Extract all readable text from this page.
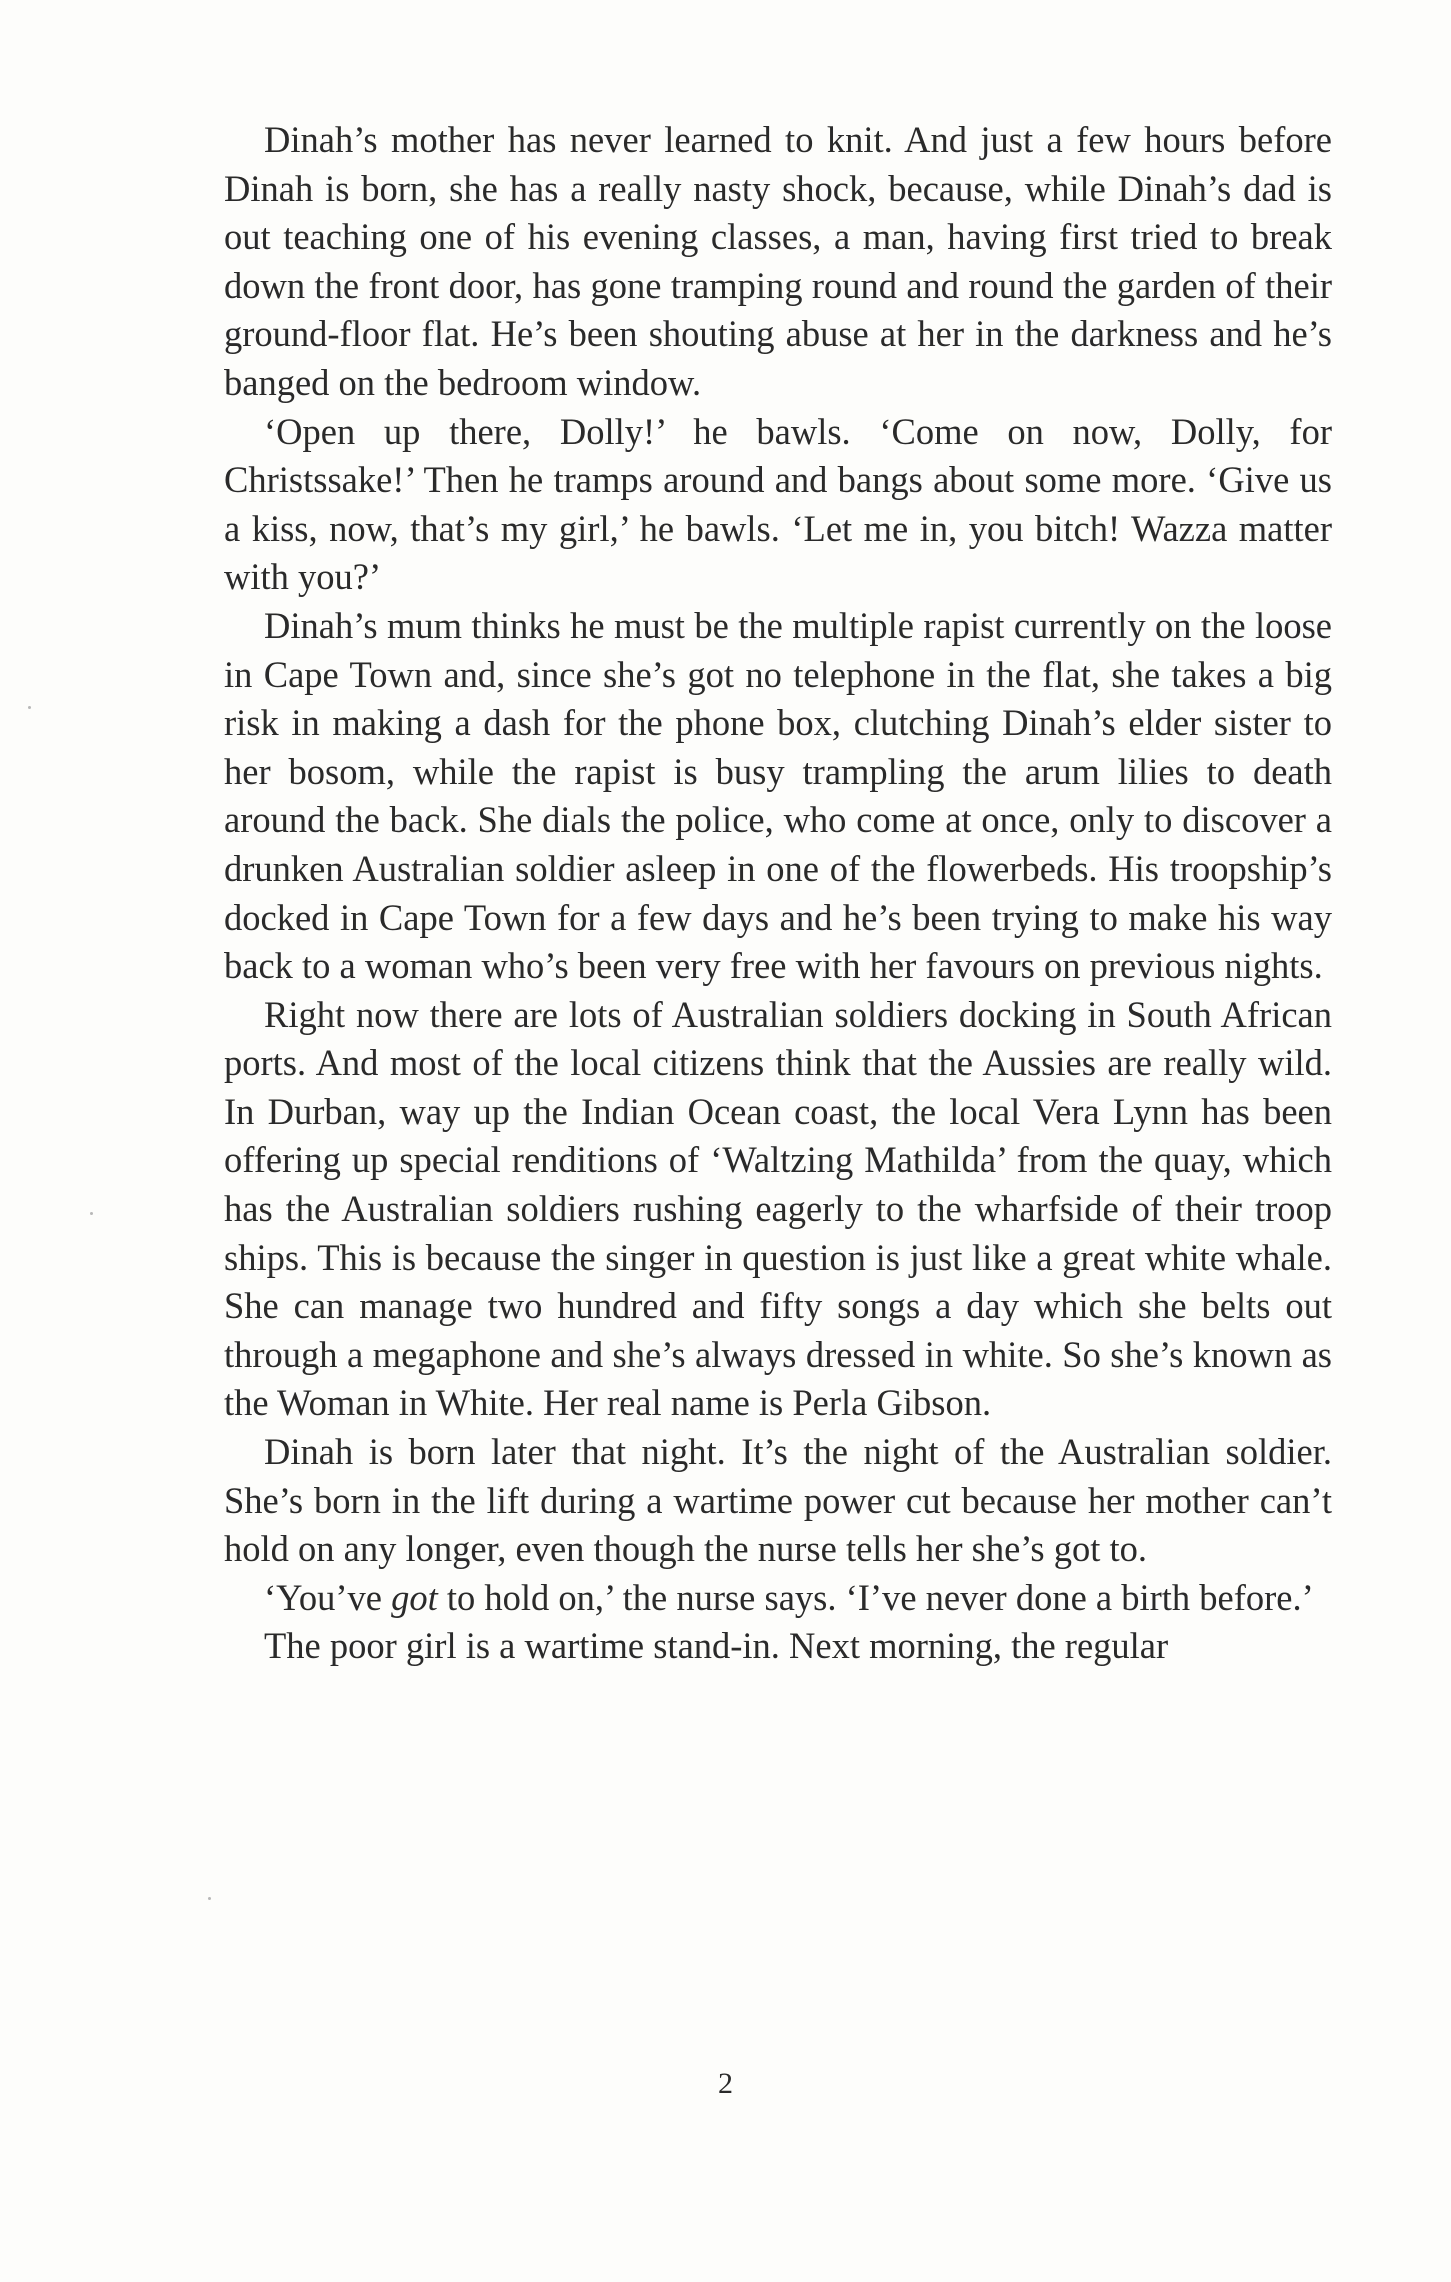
Dinah’s mother has never learned to knit. And just a few hours before Dinah is born, she has a really nasty shock, because, while Dinah’s dad is out teaching one of his evening classes, a man, having first tried to break down the front door, has gone tramping round and round the garden of their ground-floor flat. He’s been shouting abuse at her in the darkness and he’s banged on the bedroom window.

‘Open up there, Dolly!’ he bawls. ‘Come on now, Dolly, for Christssake!’ Then he tramps around and bangs about some more. ‘Give us a kiss, now, that’s my girl,’ he bawls. ‘Let me in, you bitch! Wazza matter with you?’

Dinah’s mum thinks he must be the multiple rapist currently on the loose in Cape Town and, since she’s got no telephone in the flat, she takes a big risk in making a dash for the phone box, clutching Dinah’s elder sister to her bosom, while the rapist is busy trampling the arum lilies to death around the back. She dials the police, who come at once, only to discover a drunken Australian soldier asleep in one of the flowerbeds. His troopship’s docked in Cape Town for a few days and he’s been trying to make his way back to a woman who’s been very free with her favours on previous nights.

Right now there are lots of Australian soldiers docking in South African ports. And most of the local citizens think that the Aussies are really wild. In Durban, way up the Indian Ocean coast, the local Vera Lynn has been offering up special renditions of ‘Waltzing Mathilda’ from the quay, which has the Australian soldiers rushing eagerly to the wharfside of their troop ships. This is because the singer in question is just like a great white whale. She can manage two hundred and fifty songs a day which she belts out through a megaphone and she’s always dressed in white. So she’s known as the Woman in White. Her real name is Perla Gibson.

Dinah is born later that night. It’s the night of the Australian soldier. She’s born in the lift during a wartime power cut because her mother can’t hold on any longer, even though the nurse tells her she’s got to.

‘You’ve got to hold on,’ the nurse says. ‘I’ve never done a birth before.’

The poor girl is a wartime stand-in. Next morning, the regular

2
